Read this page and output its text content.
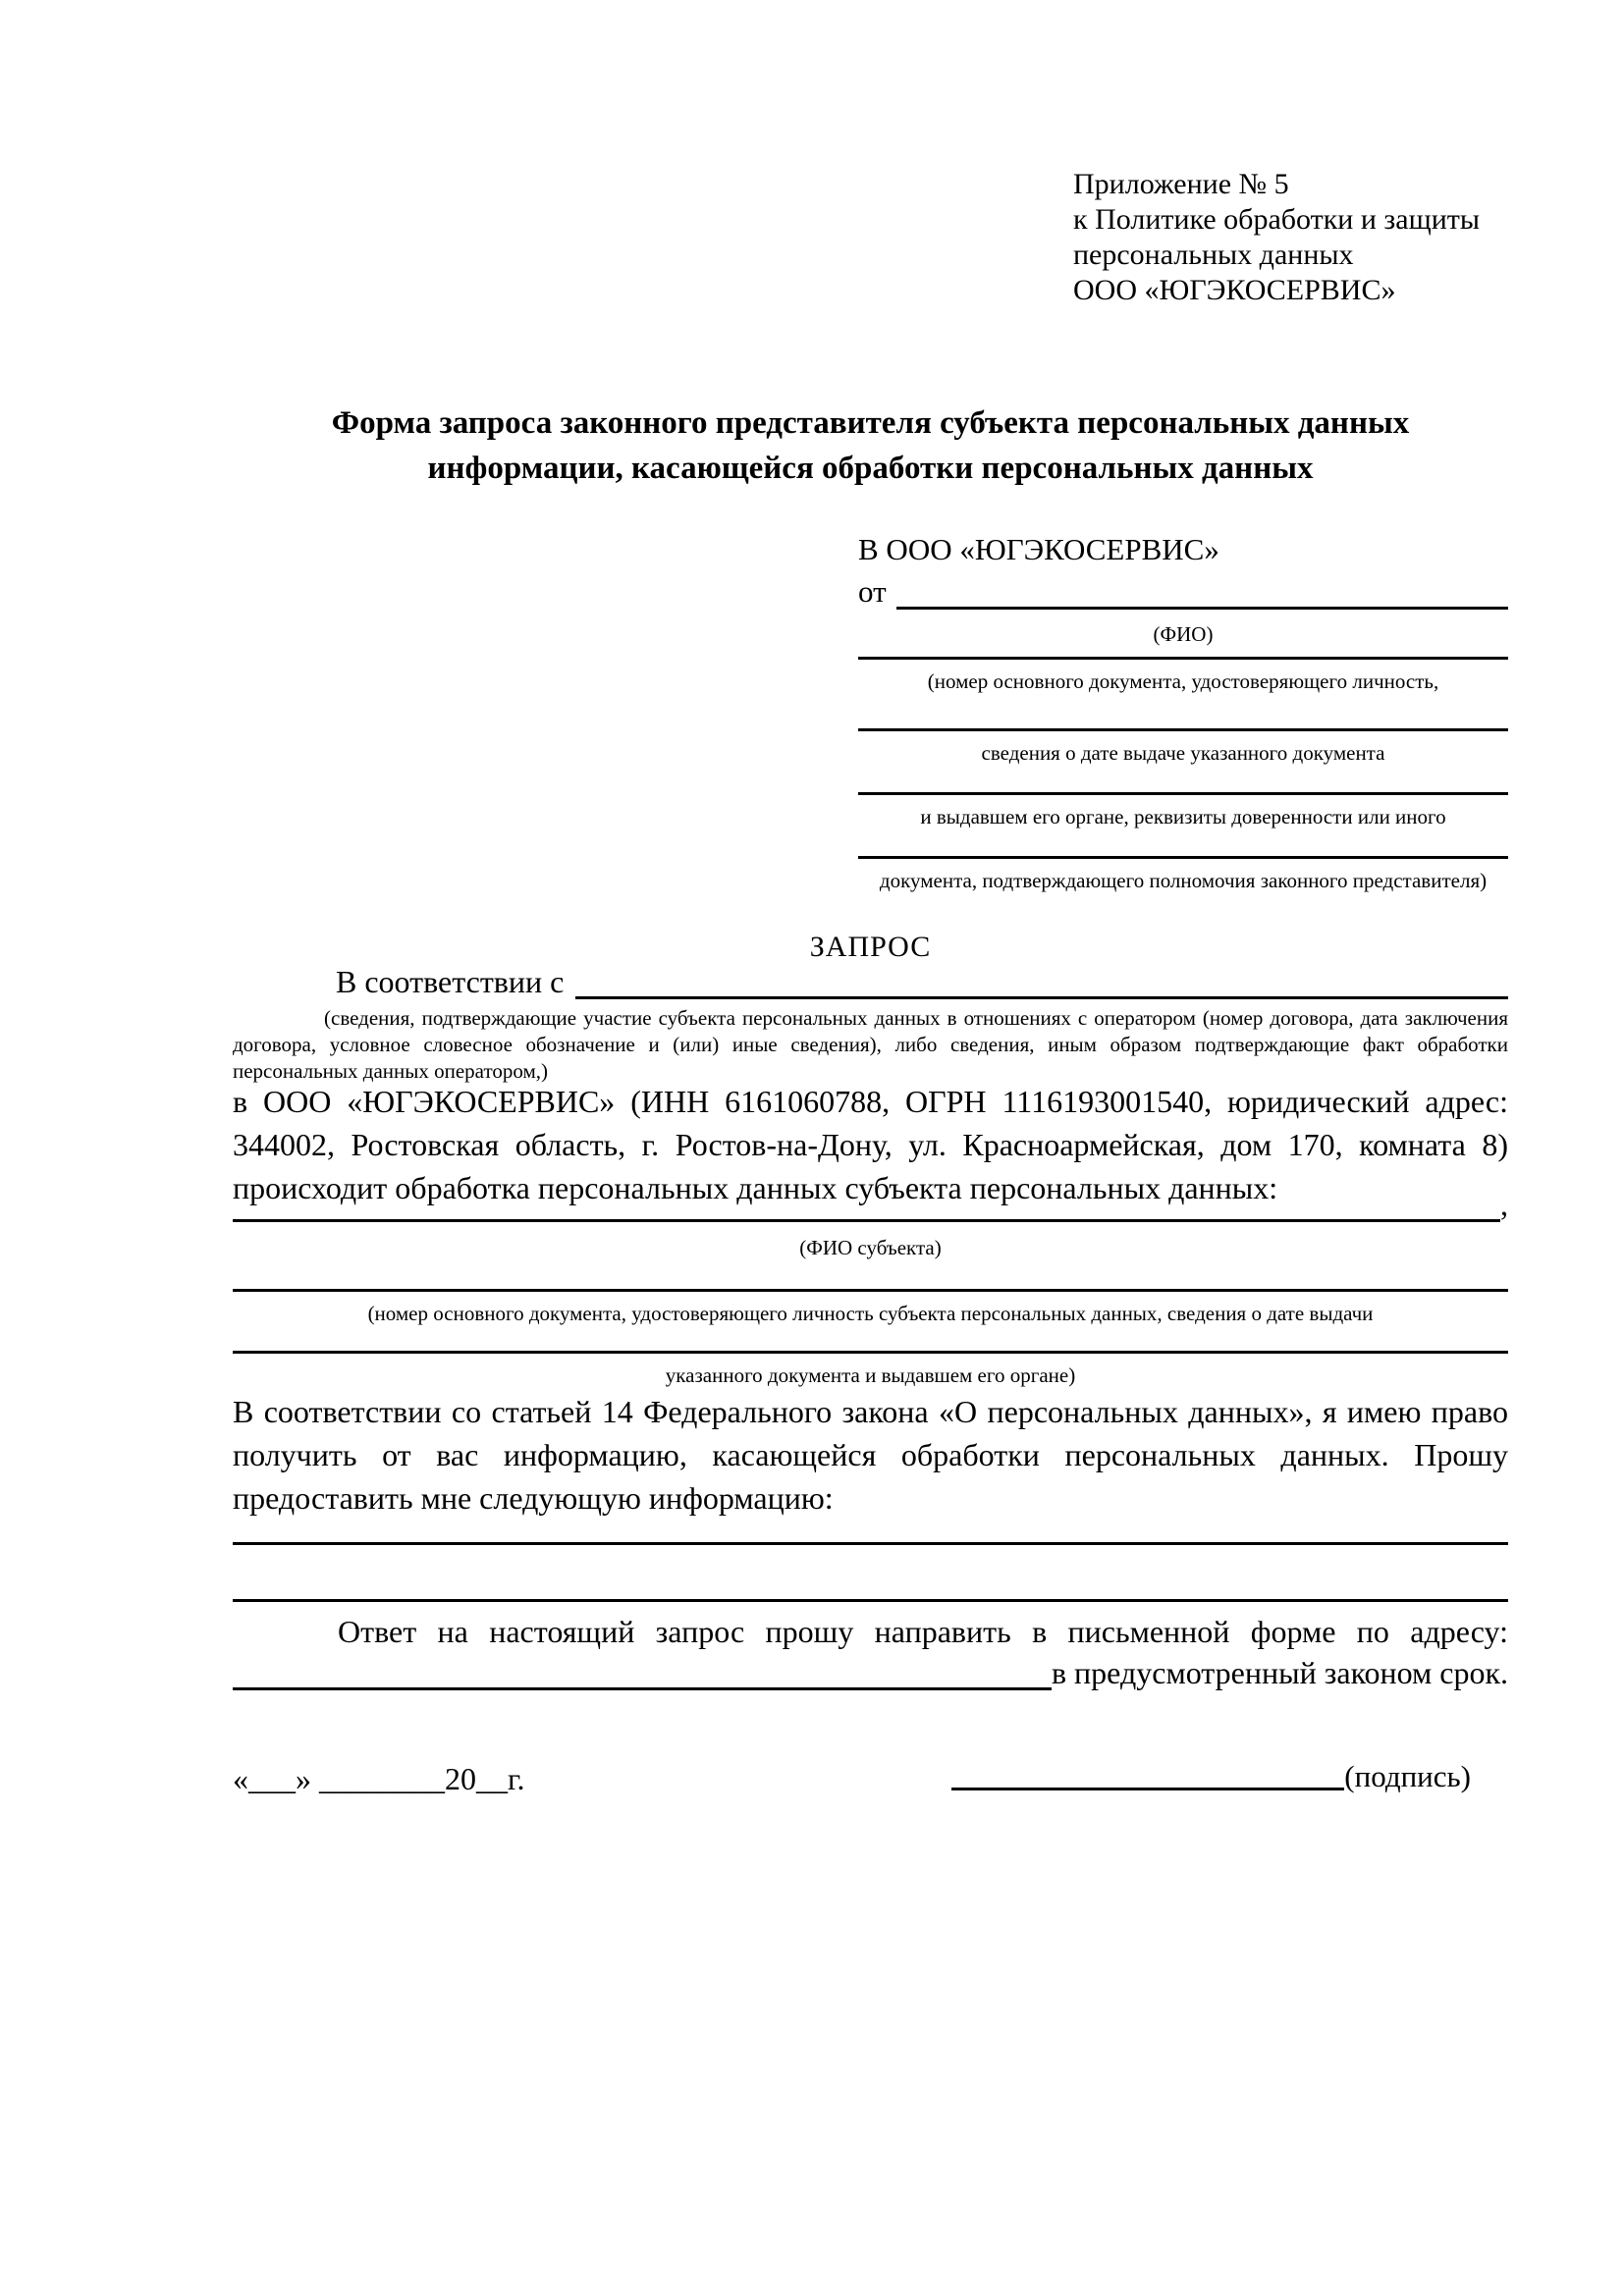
Приложение № 5
к Политике обработки и защиты
персональных данных
ООО «ЮГЭКОСЕРВИС»
Форма запроса законного представителя субъекта персональных данных
информации, касающейся обработки персональных данных
В ООО «ЮГЭКОСЕРВИС»
от
(ФИО)
(номер основного документа, удостоверяющего личность,
сведения о дате выдаче указанного документа
и выдавшем его органе, реквизиты доверенности или иного
документа, подтверждающего полномочия законного представителя)
ЗАПРОС
В соответствии с
(сведения, подтверждающие участие субъекта персональных данных в отношениях с оператором (номер договора, дата заключения договора, условное словесное обозначение и (или) иные сведения), либо сведения, иным образом подтверждающие факт обработки персональных данных оператором,)
в ООО «ЮГЭКОСЕРВИС» (ИНН 6161060788, ОГРН 1116193001540, юридический адрес: 344002, Ростовская область, г. Ростов-на-Дону, ул. Красноармейская, дом 170, комната 8) происходит обработка персональных данных субъекта персональных данных:	,
(ФИО субъекта)
(номер основного документа, удостоверяющего личность субъекта персональных данных, сведения о дате выдачи
указанного документа и выдавшем его органе)
В соответствии со статьей 14 Федерального закона «О персональных данных», я имею право получить от вас информацию, касающейся обработки персональных данных. Прошу предоставить мне следующую информацию:
Ответ на настоящий запрос прошу направить в письменной форме по адресу:
в предусмотренный законом срок.
«___» ________20__г.	(подпись)
